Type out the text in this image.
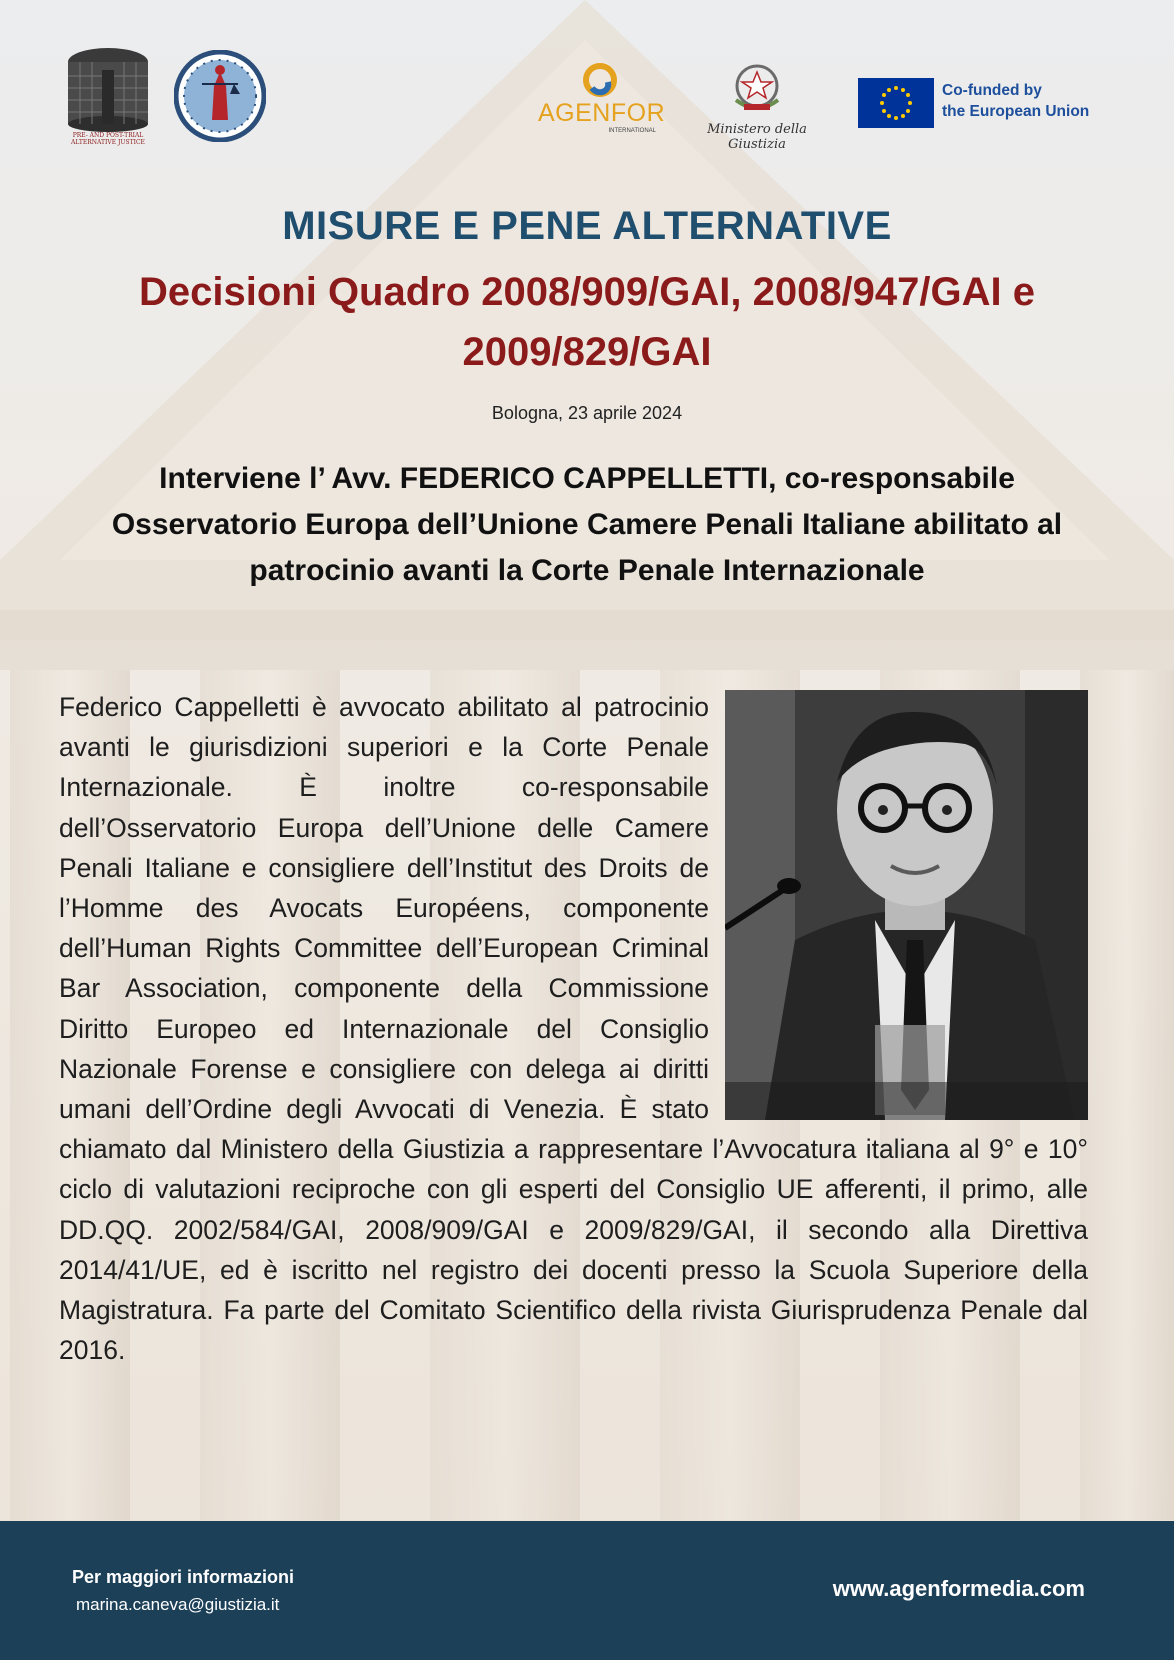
PRE- AND POST-TRIAL ALTERNATIVE JUSTICE
AGENFOR
INTERNATIONAL	Ministero della Giustizia
Co-funded by
the European Union
MISURE E PENE ALTERNATIVE
Decisioni Quadro 2008/909/GAI, 2008/947/GAI e 2009/829/GAI
Bologna, 23 aprile 2024
Interviene l’ Avv. FEDERICO CAPPELLETTI, co-responsabile Osservatorio Europa dell’Unione Camere Penali Italiane abilitato al patrocinio avanti la Corte Penale Internazionale

Federico Cappelletti è avvocato abilitato al patrocinio avanti le giurisdizioni superiori e la Corte Penale Internazionale. È inoltre co-responsabile dell’Osservatorio Europa dell’Unione delle Camere Penali Italiane e consigliere dell’Institut des Droits de l’Homme des Avocats Européens, componente dell’Human Rights Committee dell’European Criminal Bar Association, componente della Commissione Diritto Europeo ed Internazionale del Consiglio Nazionale Forense e consigliere con delega ai diritti umani dell’Ordine degli Avvocati di Venezia. È stato chiamato dal Ministero della Giustizia a rappresentare l’Avvocatura italiana al 9° e 10° ciclo di valutazioni reciproche con gli esperti del Consiglio UE afferenti, il primo, alle DD.QQ. 2002/584/GAI, 2008/909/GAI e 2009/829/GAI, il secondo alla Direttiva 2014/41/UE, ed è iscritto nel registro dei docenti presso la Scuola Superiore della Magistratura. Fa parte del Comitato Scientifico della rivista Giurisprudenza Penale dal 2016.

Per maggiori informazioni
marina.caneva@giustizia.it
www.agenformedia.com
